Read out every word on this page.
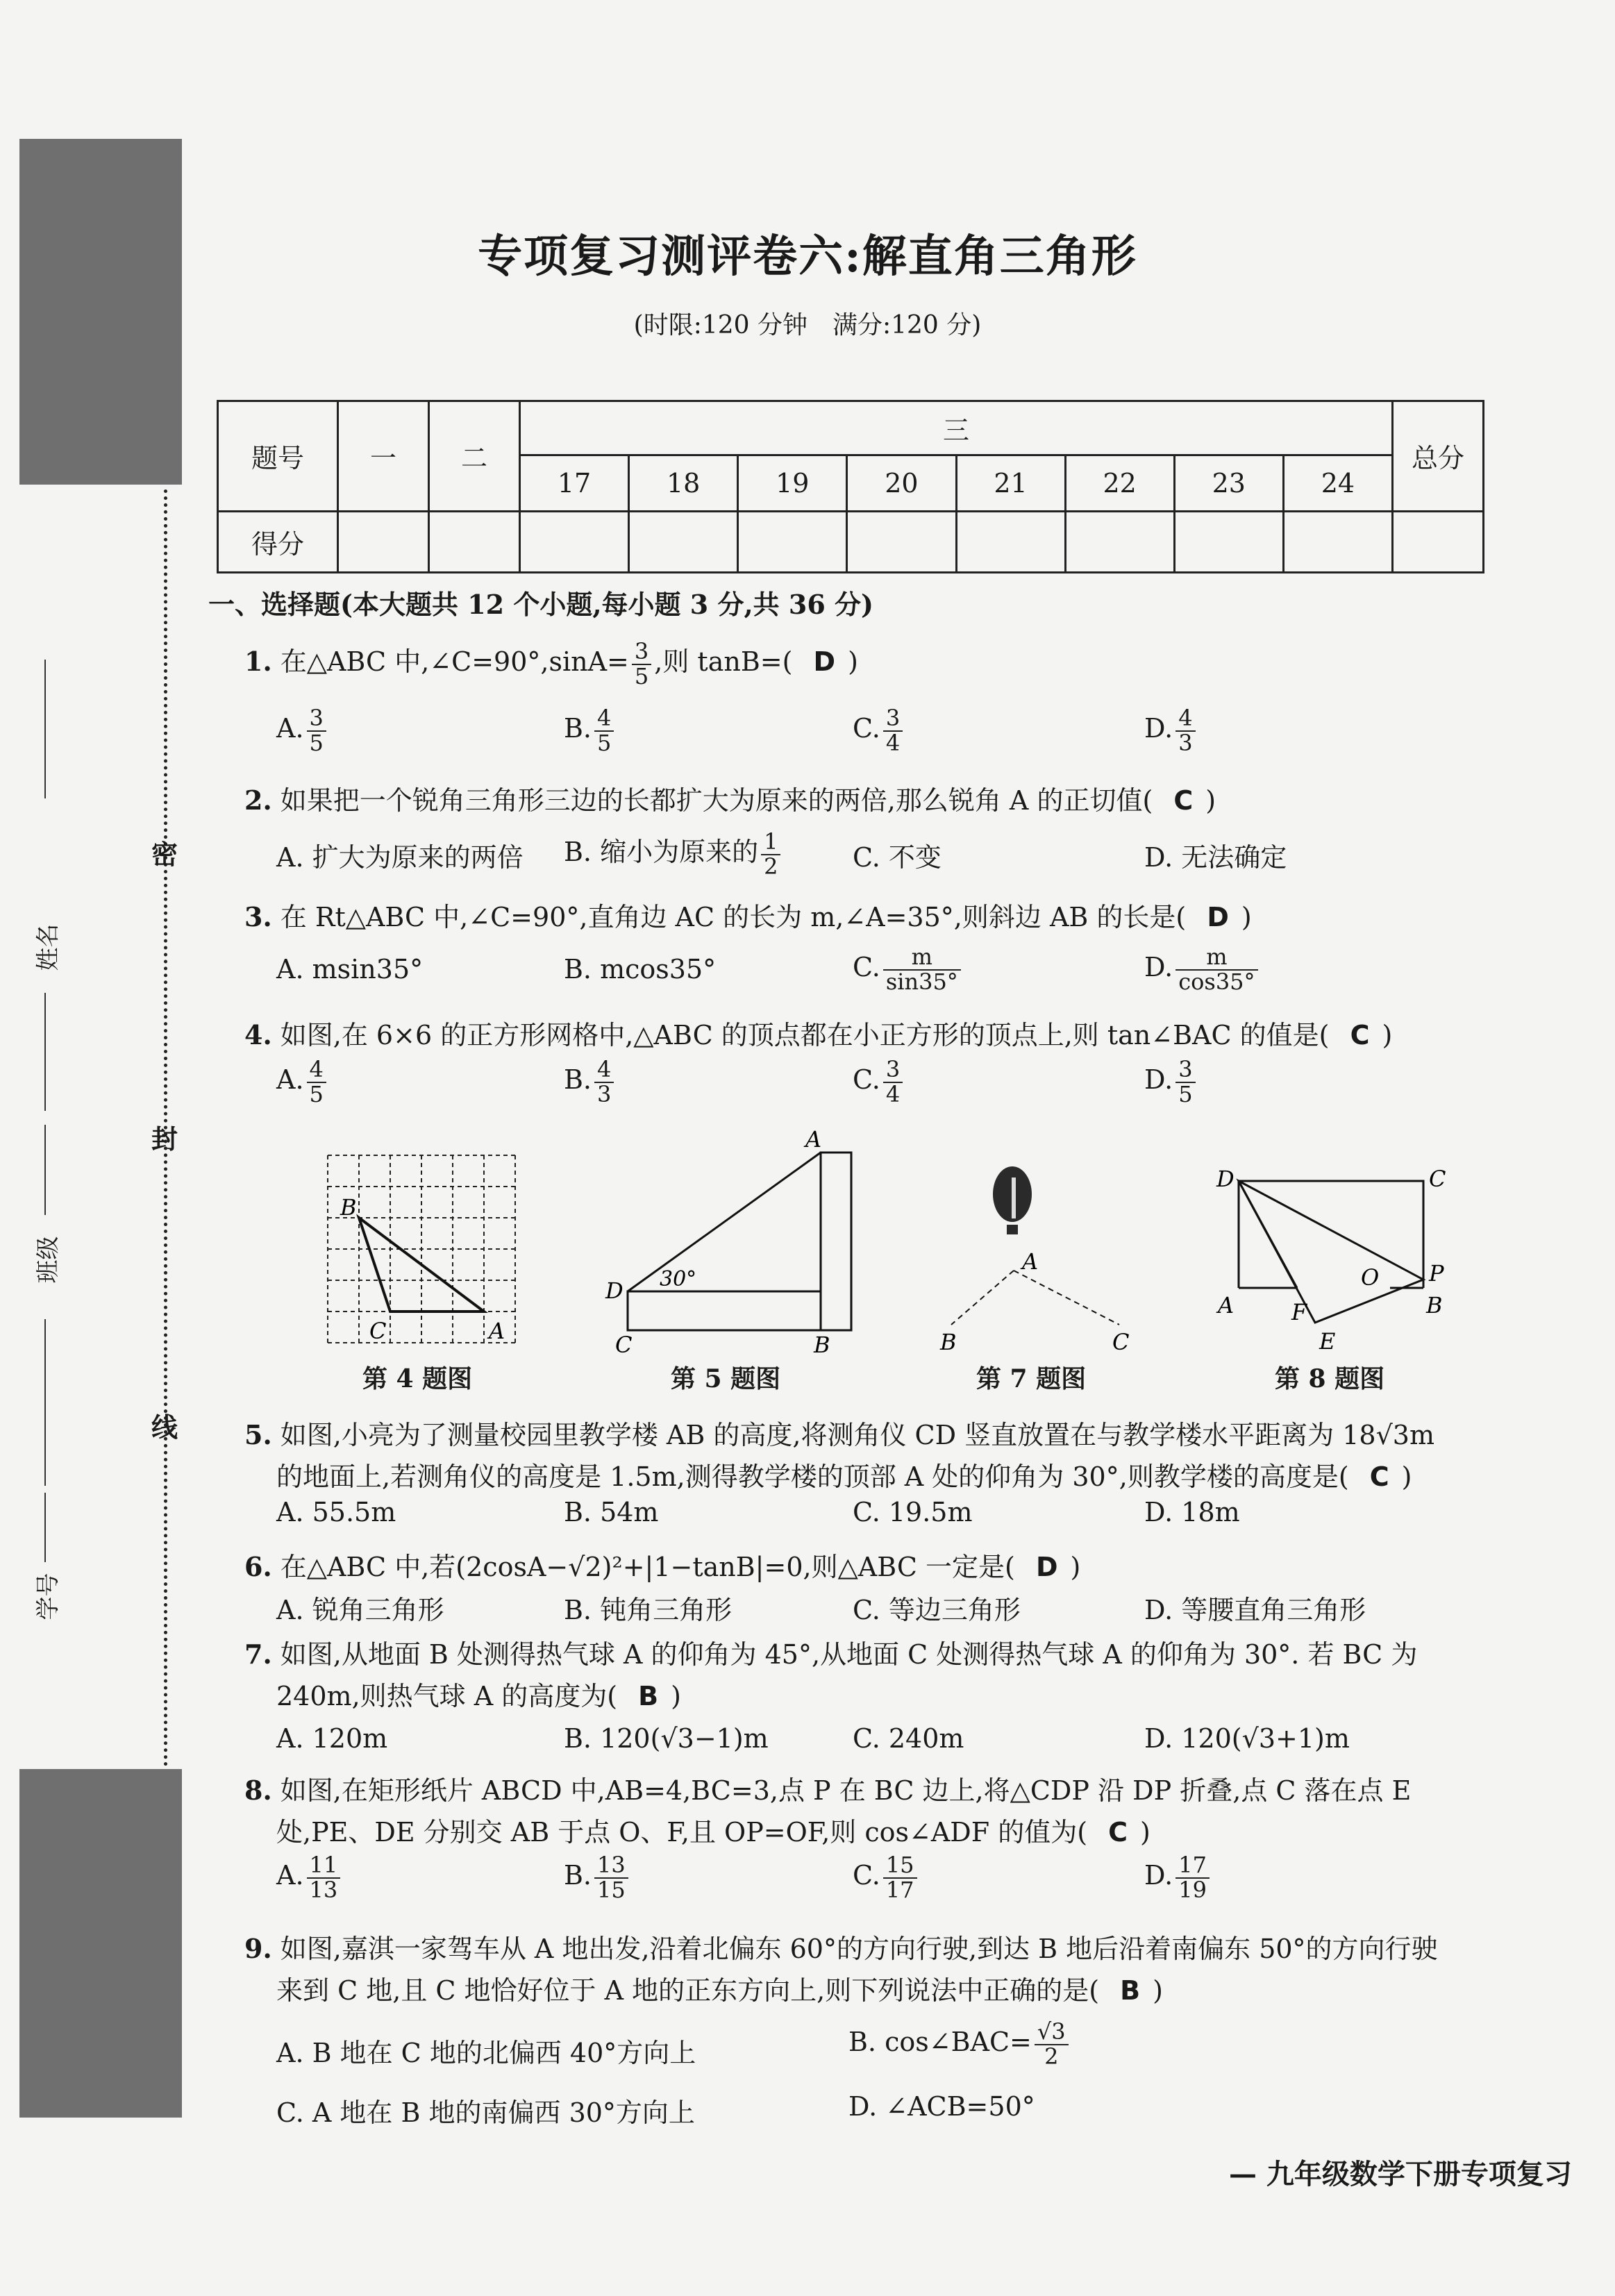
密
封
线
姓名
班级
学号
专项复习测评卷六:解直角三角形
(时限:120 分钟　满分:120 分)
题号	一	二	三								总分
			17	18	19	20	21	22	23	24	
得分											
一、选择题(本大题共 12 个小题,每小题 3 分,共 36 分)
1. 在△ABC 中,∠C=90°,sinA= $\frac{3}{5}$ ,则 tanB=( D )
A. $\frac{3}{5}$	B. $\frac{4}{5}$	C. $\frac{3}{4}$	D. $\frac{4}{3}$
2. 如果把一个锐角三角形三边的长都扩大为原来的两倍,那么锐角 A 的正切值( C )
A. 扩大为原来的两倍 B. 缩小为原来的 $\frac{1}{2}$	C. 不变	D. 无法确定
3. 在 Rt△ABC 中,∠C=90°,直角边 AC 的长为 m,∠A=35°,则斜边 AB 的长是( D )
A. msin35°	B. mcos35°	C. $\frac{m}{\sin 35^\circ}$	D. $\frac{m}{\cos 35^\circ}$
4. 如图,在 6×6 的正方形网格中,△ABC 的顶点都在小正方形的顶点上,则 tan∠BAC 的值是( C )
A. $\frac{4}{5}$	B. $\frac{4}{3}$	C. $\frac{3}{4}$	D. $\frac{3}{5}$
B
C	A
第 4 题图
A
D 30°
C	B
第 5 题图
A
B	C
第 7 题图
D	C
P
A	F
O
B
E
第 8 题图
5. 如图,小亮为了测量校园里教学楼 AB 的高度,将测角仪 CD 竖直放置在与教学楼水平距离为 18√3m
的地面上,若测角仪的高度是 1.5m,测得教学楼的顶部 A 处的仰角为 30°,则教学楼的高度是( C )
A. 55.5m	B. 54m	C. 19.5m	D. 18m
6. 在△ABC 中,若(2cosA−√2)²+|1−tanB|=0,则△ABC 一定是( D )
A. 锐角三角形	B. 钝角三角形	C. 等边三角形	D. 等腰直角三角形
7. 如图,从地面 B 处测得热气球 A 的仰角为 45°,从地面 C 处测得热气球 A 的仰角为 30°. 若 BC 为
240m,则热气球 A 的高度为( B )
A. 120m	B. 120(√3−1)m	C. 240m	D. 120(√3+1)m
8. 如图,在矩形纸片 ABCD 中,AB=4,BC=3,点 P 在 BC 边上,将△CDP 沿 DP 折叠,点 C 落在点 E
处,PE、DE 分别交 AB 于点 O、F,且 OP=OF,则 cos∠ADF 的值为( C )
A. $\frac{11}{13}$	B. $\frac{13}{15}$	C. $\frac{15}{17}$	D. $\frac{17}{19}$
9. 如图,嘉淇一家驾车从 A 地出发,沿着北偏东 60°的方向行驶,到达 B 地后沿着南偏东 50°的方向行驶
来到 C 地,且 C 地恰好位于 A 地的正东方向上,则下列说法中正确的是( B )
A. B 地在 C 地的北偏西 40°方向上	B. cos∠BAC= $\frac{√3}{2}$
C. A 地在 B 地的南偏西 30°方向上	D. ∠ACB=50°
— 九年级数学下册专项复习
